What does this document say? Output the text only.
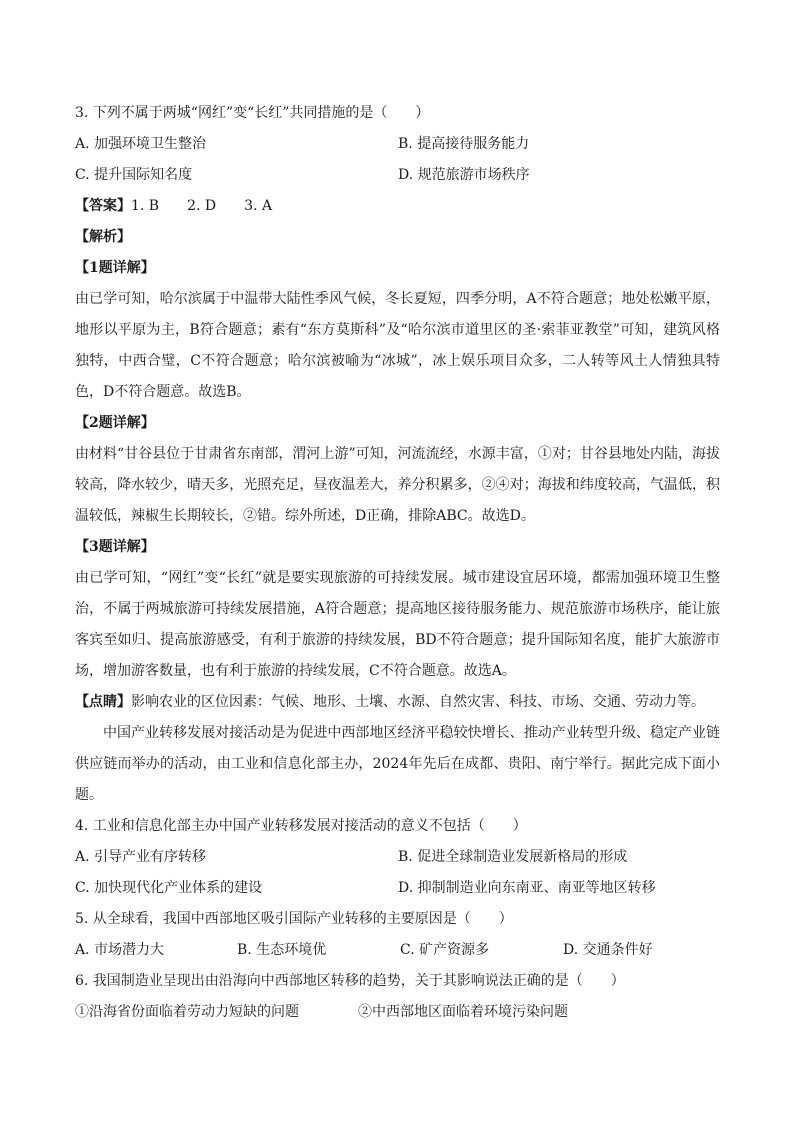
3. 下列不属于两城“网红”变“长红”共同措施的是（　　）
A. 加强环境卫生整治	B. 提高接待服务能力
C. 提升国际知名度	D. 规范旅游市场秩序
【答案】1. B 2. D 3. A
【解析】
【1题详解】
由已学可知，哈尔滨属于中温带大陆性季风气候，冬长夏短，四季分明，A不符合题意；地处松嫩平原，地形以平原为主，B符合题意；素有“东方莫斯科”及“哈尔滨市道里区的圣·索菲亚教堂”可知，建筑风格独特，中西合璧，C不符合题意；哈尔滨被喻为“冰城”，冰上娱乐项目众多，二人转等风土人情独具特色，D不符合题意。故选B。
【2题详解】
由材料“甘谷县位于甘肃省东南部，渭河上游”可知，河流流经，水源丰富，①对；甘谷县地处内陆，海拔较高，降水较少，晴天多，光照充足，昼夜温差大，养分积累多，②④对；海拔和纬度较高，气温低，积温较低，辣椒生长期较长，②错。综外所述，D正确，排除ABC。故选D。
【3题详解】
由已学可知，“网红”变“长红”就是要实现旅游的可持续发展。城市建设宜居环境，都需加强环境卫生整治，不属于两城旅游可持续发展措施，A符合题意；提高地区接待服务能力、规范旅游市场秩序，能让旅客宾至如归、提高旅游感受，有利于旅游的持续发展，BD不符合题意；提升国际知名度，能扩大旅游市场，增加游客数量，也有利于旅游的持续发展，C不符合题意。故选A。
【点睛】影响农业的区位因素：气候、地形、土壤、水源、自然灾害、科技、市场、交通、劳动力等。
中国产业转移发展对接活动是为促进中西部地区经济平稳较快增长、推动产业转型升级、稳定产业链供应链而举办的活动，由工业和信息化部主办，2024年先后在成都、贵阳、南宁举行。据此完成下面小题。
4. 工业和信息化部主办中国产业转移发展对接活动的意义不包括（　　）
A. 引导产业有序转移	B. 促进全球制造业发展新格局的形成
C. 加快现代化产业体系的建设	D. 抑制制造业向东南亚、南亚等地区转移
5. 从全球看，我国中西部地区吸引国际产业转移的主要原因是（　　）
A. 市场潜力大	B. 生态环境优	C. 矿产资源多	D. 交通条件好
6. 我国制造业呈现出由沿海向中西部地区转移的趋势，关于其影响说法正确的是（　　）
①沿海省份面临着劳动力短缺的问题	②中西部地区面临着环境污染问题
